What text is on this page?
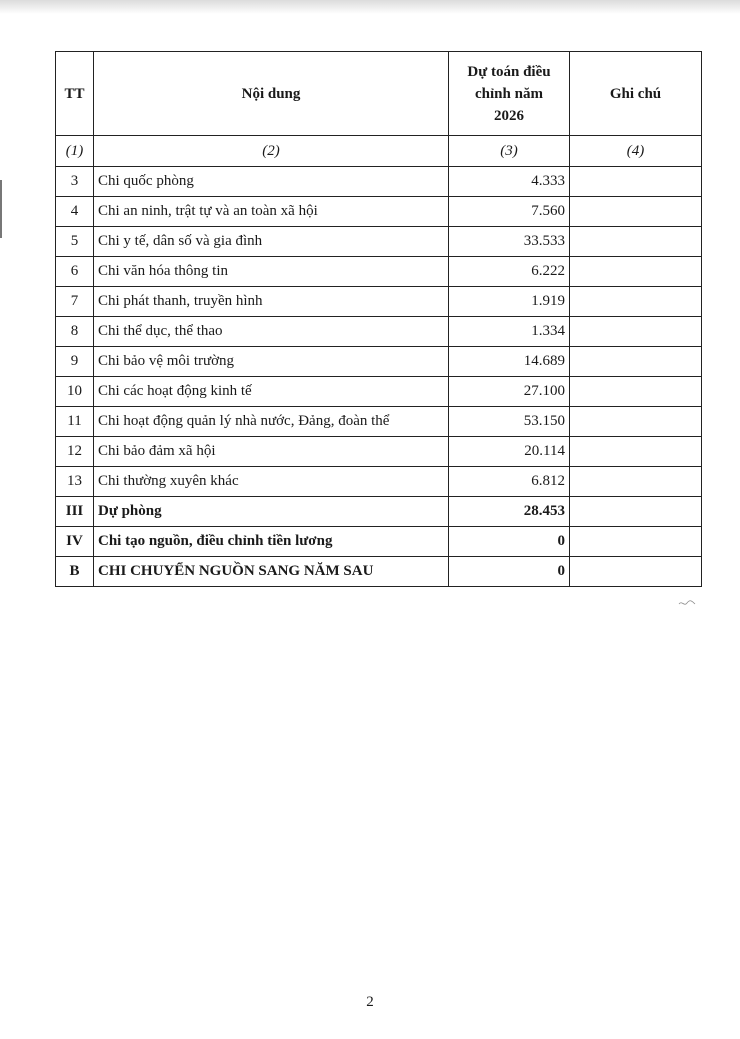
TT	Nội dung	Dự toán điều chỉnh năm 2026	Ghi chú
(1)	(2)	(3)	(4)
3	Chi quốc phòng	4.333	
4	Chi an ninh, trật tự và an toàn xã hội	7.560	
5	Chi y tế, dân số và gia đình	33.533	
6	Chi văn hóa thông tin	6.222	
7	Chi phát thanh, truyền hình	1.919	
8	Chi thể dục, thể thao	1.334	
9	Chi bảo vệ môi trường	14.689	
10	Chi các hoạt động kinh tế	27.100	
11	Chi hoạt động quản lý nhà nước, Đảng, đoàn thể	53.150	
12	Chi bảo đảm xã hội	20.114	
13	Chi thường xuyên khác	6.812	
III	Dự phòng	28.453	
IV	Chi tạo nguồn, điều chỉnh tiền lương	0	
B	CHI CHUYỂN NGUỒN SANG NĂM SAU	0	
2
